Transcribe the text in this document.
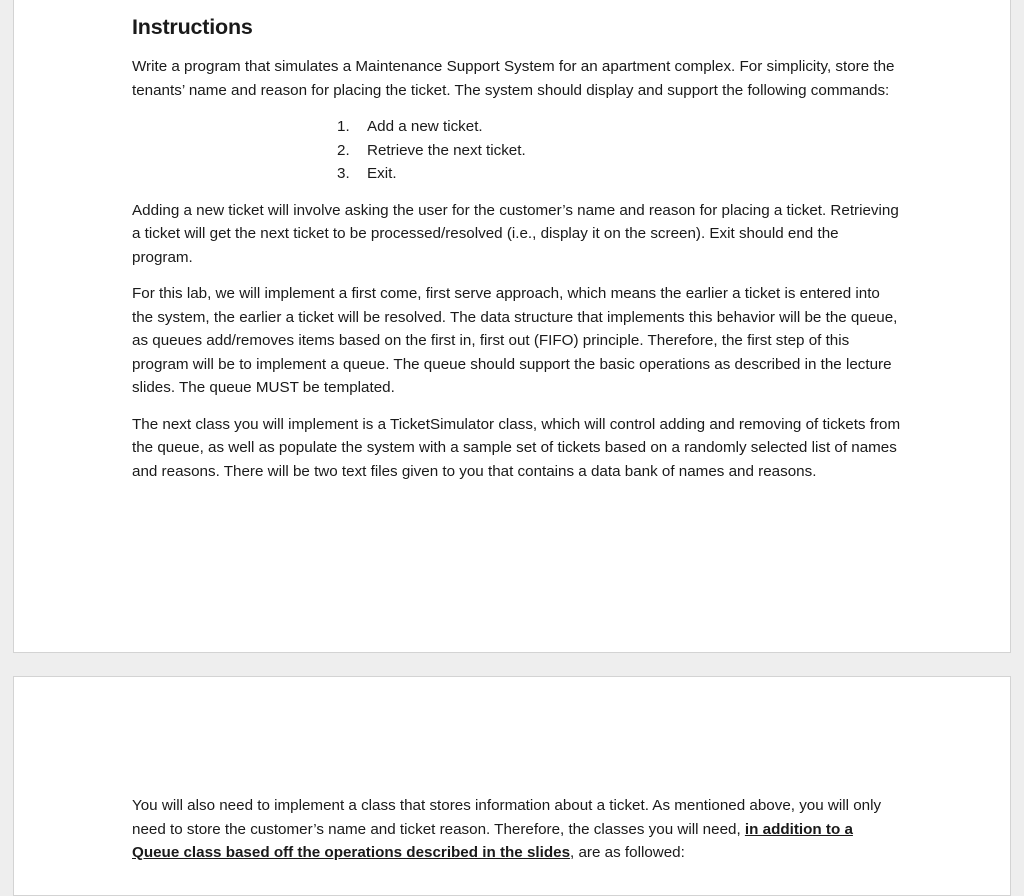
Instructions

Write a program that simulates a Maintenance Support System for an apartment complex. For simplicity, store the tenants’ name and reason for placing the ticket. The system should display and support the following commands:

1.	Add a new ticket.
2.	Retrieve the next ticket.
3.	Exit.

Adding a new ticket will involve asking the user for the customer’s name and reason for placing a ticket. Retrieving a ticket will get the next ticket to be processed/resolved (i.e., display it on the screen). Exit should end the program.

For this lab, we will implement a first come, first serve approach, which means the earlier a ticket is entered into the system, the earlier a ticket will be resolved. The data structure that implements this behavior will be the queue, as queues add/removes items based on the first in, first out (FIFO) principle. Therefore, the first step of this program will be to implement a queue. The queue should support the basic operations as described in the lecture slides. The queue MUST be templated.

The next class you will implement is a TicketSimulator class, which will control adding and removing of tickets from the queue, as well as populate the system with a sample set of tickets based on a randomly selected list of names and reasons. There will be two text files given to you that contains a data bank of names and reasons.

You will also need to implement a class that stores information about a ticket. As mentioned above, you will only need to store the customer’s name and ticket reason. Therefore, the classes you will need, in addition to a Queue class based off the operations described in the slides, are as followed:
